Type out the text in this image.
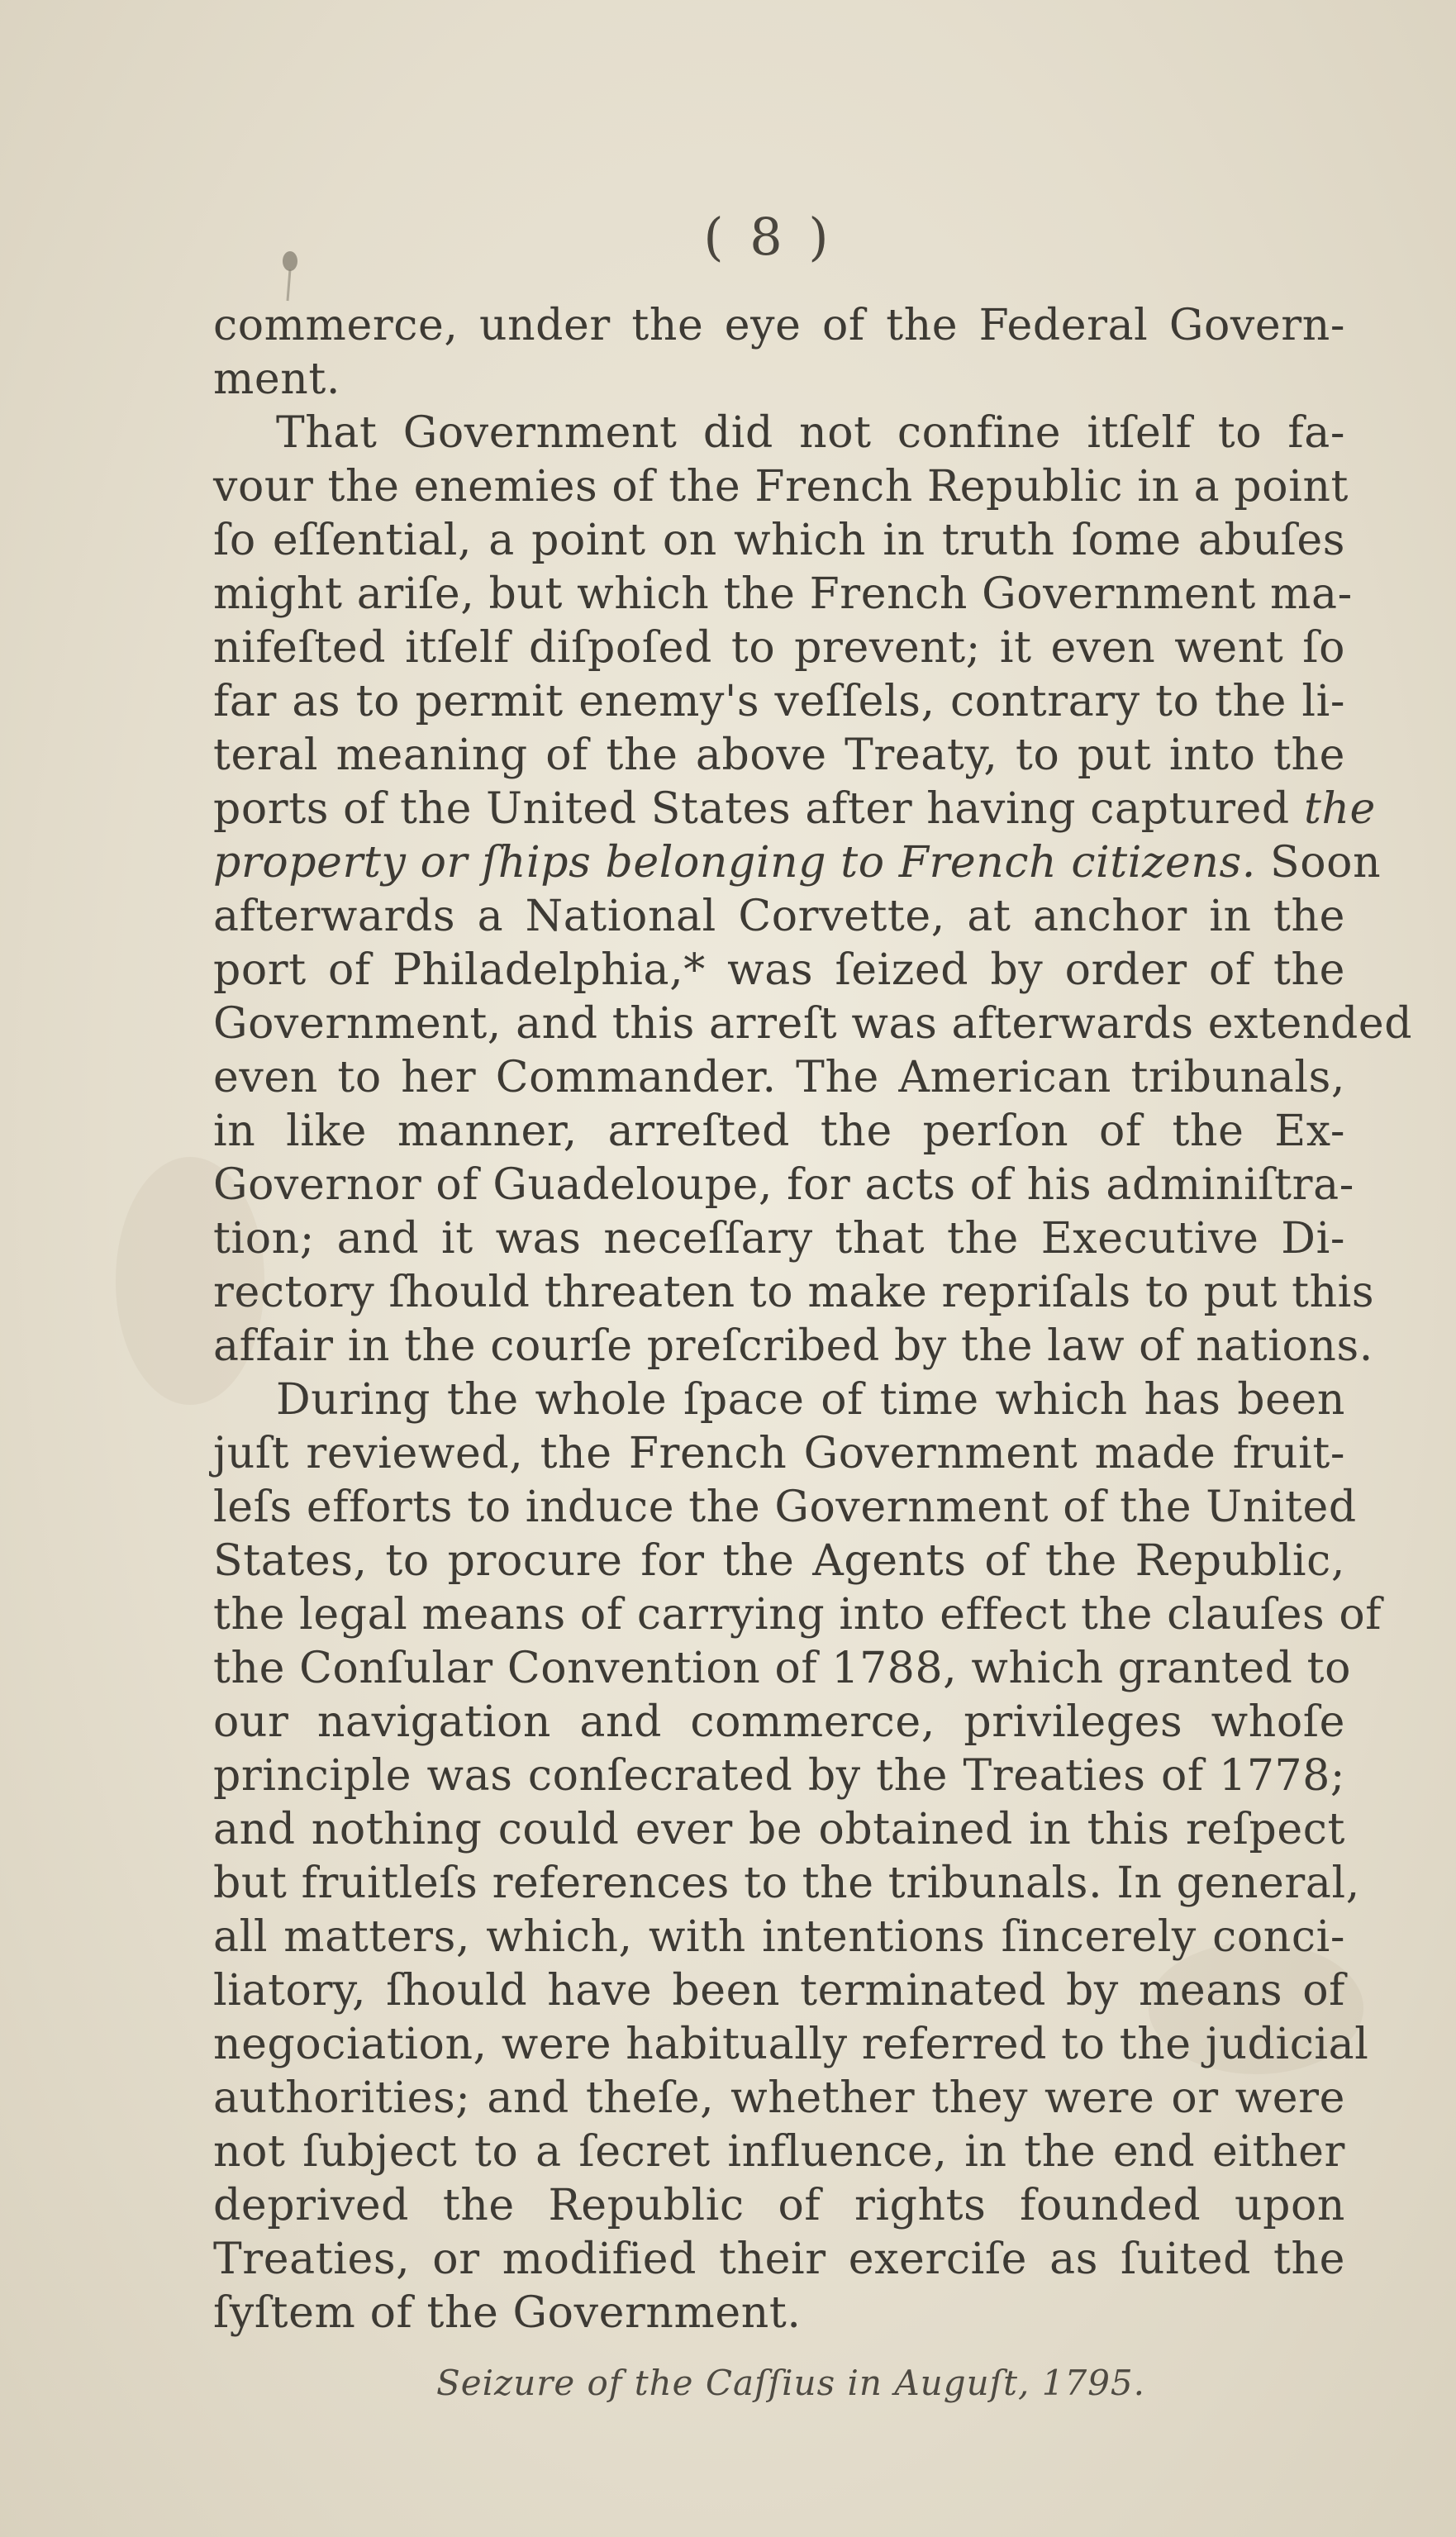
( 8 )
commerce, under the eye of the Federal Govern-
ment.
That Government did not confine itſelf to fa-
vour the enemies of the French Republic in a point
ſo eſſential, a point on which in truth ſome abuſes
might ariſe, but which the French Government ma-
nifeſted itſelf diſpoſed to prevent; it even went ſo
far as to permit enemy's veſſels, contrary to the li-
teral meaning of the above Treaty, to put into the
ports of the United States after having captured the
property or ſhips belonging to French citizens. Soon
afterwards a National Corvette, at anchor in the
port of Philadelphia,* was ſeized by order of the
Government, and this arreſt was afterwards extended
even to her Commander. The American tribunals,
in like manner, arreſted the perſon of the Ex-
Governor of Guadeloupe, for acts of his adminiſtra-
tion; and it was neceſſary that the Executive Di-
rectory ſhould threaten to make repriſals to put this
affair in the courſe preſcribed by the law of nations.
During the whole ſpace of time which has been
juſt reviewed, the French Government made fruit-
leſs efforts to induce the Government of the United
States, to procure for the Agents of the Republic,
the legal means of carrying into effect the clauſes of
the Conſular Convention of 1788, which granted to
our navigation and commerce, privileges whoſe
principle was conſecrated by the Treaties of 1778;
and nothing could ever be obtained in this reſpect
but fruitleſs references to the tribunals. In general,
all matters, which, with intentions ſincerely conci-
liatory, ſhould have been terminated by means of
negociation, were habitually referred to the judicial
authorities; and theſe, whether they were or were
not ſubject to a ſecret influence, in the end either
deprived the Republic of rights founded upon
Treaties, or modified their exerciſe as ſuited the
ſyſtem of the Government.
Seizure of the Caſſius in Auguſt, 1795.
